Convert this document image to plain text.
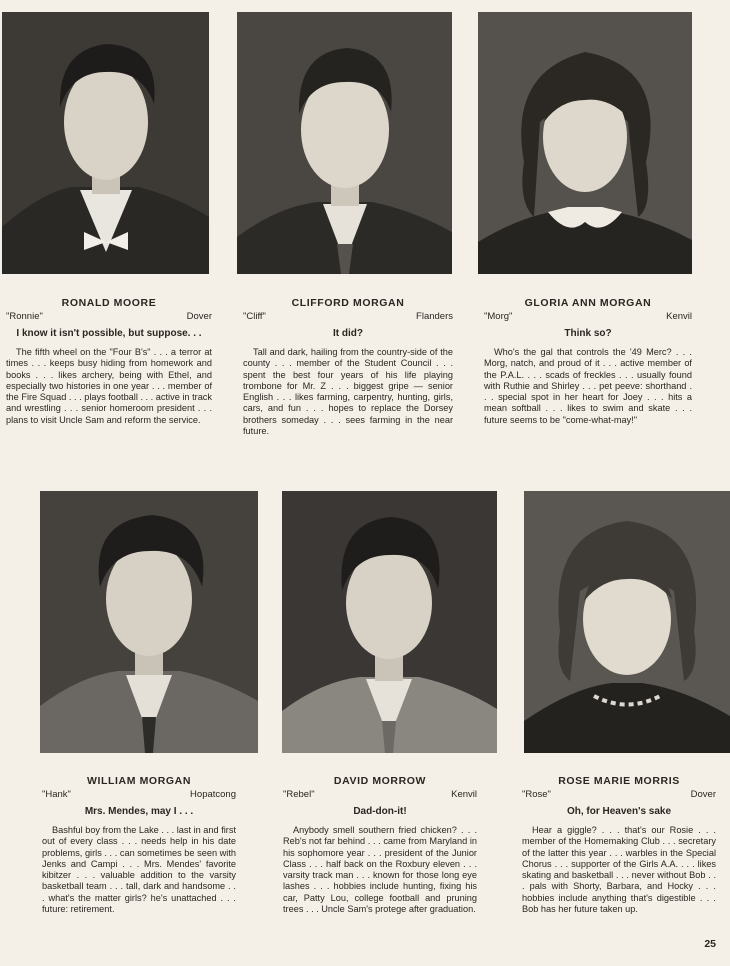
RONALD MOORE

"Ronnie"	Dover

I know it isn't possible, but suppose. . .

The fifth wheel on the "Four B's" . . . a terror at times . . . keeps busy hiding from homework and books . . . likes archery, being with Ethel, and especially two histories in one year . . . member of the Fire Squad . . . plays football . . . active in track and wrestling . . . senior homeroom president . . . plans to visit Uncle Sam and reform the service.

CLIFFORD MORGAN

"Cliff"	Flanders

It did?

Tall and dark, hailing from the country-side of the county . . . member of the Student Council . . . spent the best four years of his life playing trombone for Mr. Z . . . biggest gripe — senior English . . . likes farming, carpentry, hunting, girls, cars, and fun . . . hopes to replace the Dorsey brothers someday . . . sees farming in the near future.

GLORIA ANN MORGAN

"Morg"	Kenvil

Think so?

Who's the gal that controls the '49 Merc? . . . Morg, natch, and proud of it . . . active member of the P.A.L. . . . scads of freckles . . . usually found with Ruthie and Shirley . . . pet peeve: shorthand . . . special spot in her heart for Joey . . . hits a mean softball . . . likes to swim and skate . . . future seems to be "come-what-may!"

WILLIAM MORGAN

"Hank"	Hopatcong

Mrs. Mendes, may I . . .

Bashful boy from the Lake . . . last in and first out of every class . . . needs help in his date problems, girls . . . can sometimes be seen with Jenks and Campi . . . Mrs. Mendes' favorite kibitzer . . . valuable addition to the varsity basketball team . . . tall, dark and handsome . . . what's the matter girls? he's unattached . . . future: retirement.

DAVID MORROW

"Rebel"	Kenvil

Dad-don-it!

Anybody smell southern fried chicken? . . . Reb's not far behind . . . came from Maryland in his sophomore year . . . president of the Junior Class . . . half back on the Roxbury eleven . . . varsity track man . . . known for those long eye lashes . . . hobbies include hunting, fixing his car, Patty Lou, college football and pruning trees . . . Uncle Sam's protege after graduation.

ROSE MARIE MORRIS

"Rose"	Dover

Oh, for Heaven's sake

Hear a giggle? . . . that's our Rosie . . . member of the Homemaking Club . . . secretary of the latter this year . . . warbles in the Special Chorus . . . supporter of the Girls A.A. . . . likes skating and basketball . . . never without Bob . . . pals with Shorty, Barbara, and Hocky . . . hobbies include anything that's digestible . . . Bob has her future taken up.

25
